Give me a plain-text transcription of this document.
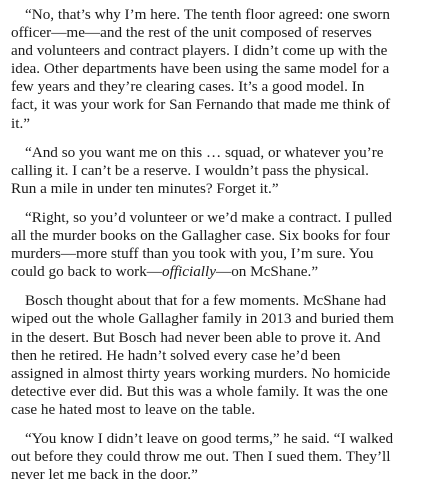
“No, that’s why I’m here. The tenth floor agreed: one sworn
officer—me—and the rest of the unit composed of reserves
and volunteers and contract players. I didn’t come up with the
idea. Other departments have been using the same model for a
few years and they’re clearing cases. It’s a good model. In
fact, it was your work for San Fernando that made me think of
it.”

“And so you want me on this … squad, or whatever you’re
calling it. I can’t be a reserve. I wouldn’t pass the physical.
Run a mile in under ten minutes? Forget it.”

“Right, so you’d volunteer or we’d make a contract. I pulled
all the murder books on the Gallagher case. Six books for four
murders—more stuff than you took with you, I’m sure. You
could go back to work—officially—on McShane.”

Bosch thought about that for a few moments. McShane had
wiped out the whole Gallagher family in 2013 and buried them
in the desert. But Bosch had never been able to prove it. And
then he retired. He hadn’t solved every case he’d been
assigned in almost thirty years working murders. No homicide
detective ever did. But this was a whole family. It was the one
case he hated most to leave on the table.

“You know I didn’t leave on good terms,” he said. “I walked
out before they could throw me out. Then I sued them. They’ll
never let me back in the door.”
